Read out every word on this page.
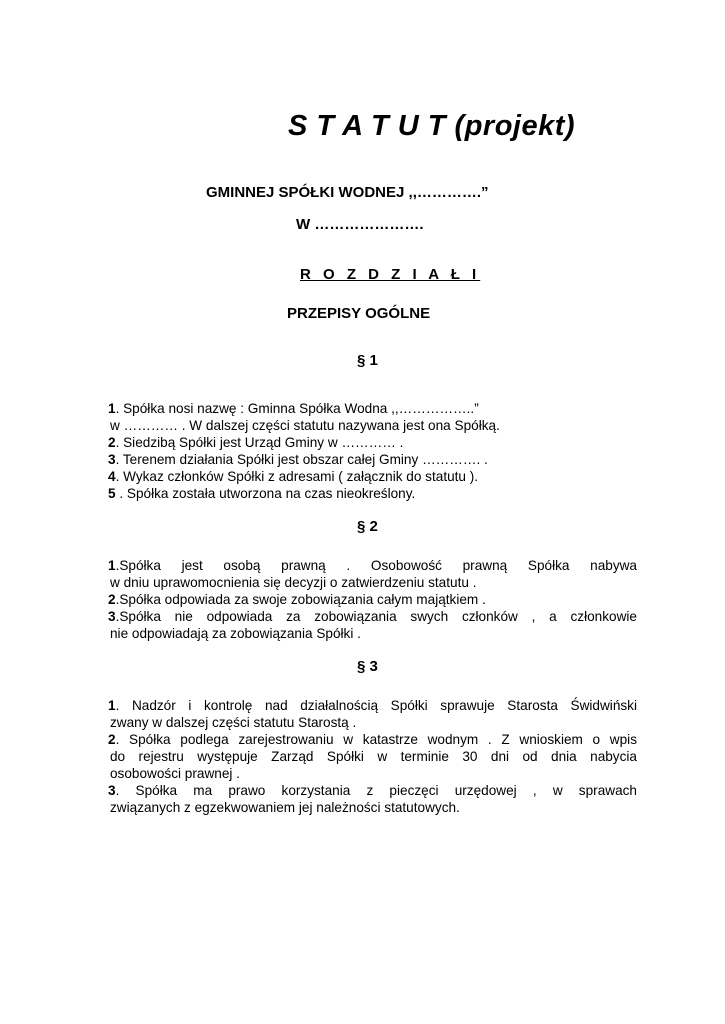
S T A T U T (projekt)
GMINNEJ SPÓŁKI WODNEJ ,,………….”
W ………………….
R O Z D Z I A Ł I
PRZEPISY OGÓLNE
§ 1
1. Spółka nosi nazwę : Gminna Spółka Wodna ,,……………..”
w ………… . W dalszej części statutu nazywana jest ona Spółką.
2. Siedzibą Spółki jest Urząd Gminy w ………… .
3. Terenem działania Spółki jest obszar całej Gminy …………. .
4. Wykaz członków Spółki z adresami ( załącznik do statutu ).
5 . Spółka została utworzona na czas nieokreślony.
§ 2
1.Spółka jest osobą prawną . Osobowość prawną Spółka nabywa
w dniu uprawomocnienia się decyzji o zatwierdzeniu statutu .
2.Spółka odpowiada za swoje zobowiązania całym majątkiem .
3.Spółka nie odpowiada za zobowiązania swych członków , a członkowie
nie odpowiadają za zobowiązania Spółki .
§ 3
1. Nadzór i kontrolę nad działalnością Spółki sprawuje Starosta Świdwiński
zwany w dalszej części statutu Starostą .
2. Spółka podlega zarejestrowaniu w katastrze wodnym . Z wnioskiem o wpis
do rejestru występuje Zarząd Spółki w terminie 30 dni od dnia nabycia
osobowości prawnej .
3. Spółka ma prawo korzystania z pieczęci urzędowej , w sprawach
związanych z egzekwowaniem jej należności statutowych.
